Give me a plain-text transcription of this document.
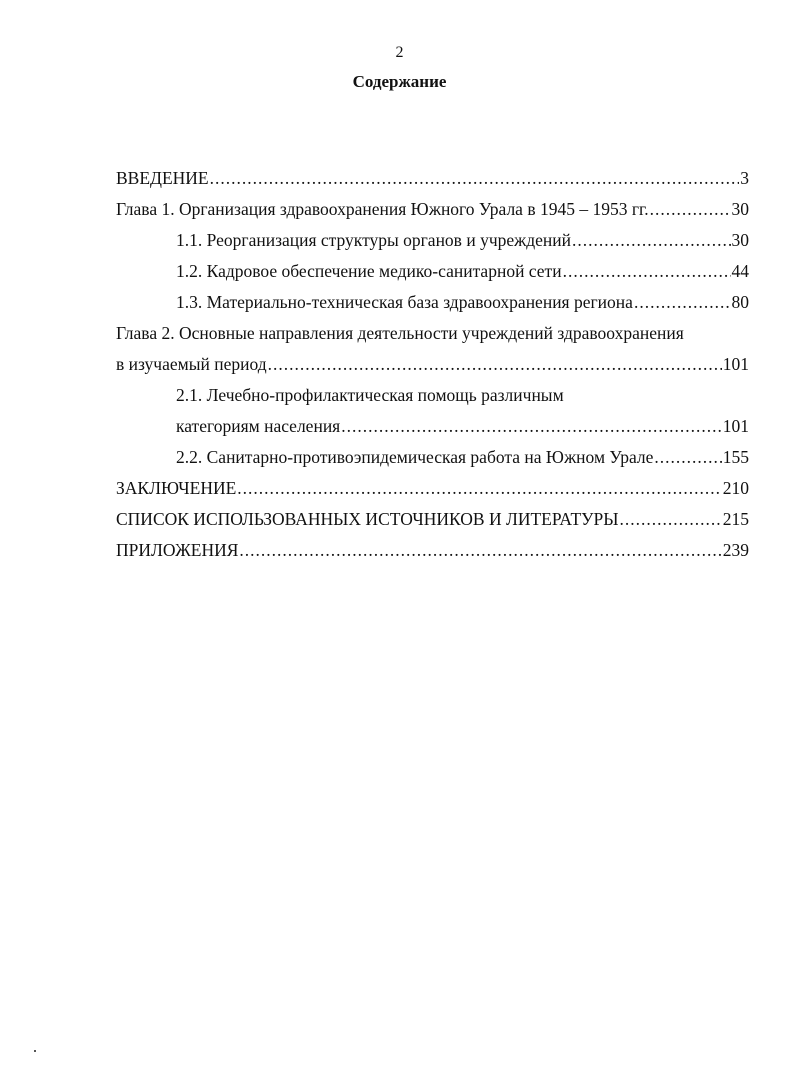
2
Содержание
ВВЕДЕНИЕ .....	3
Глава 1. Организация здравоохранения Южного Урала в 1945 – 1953 гг. .....	30
1.1. Реорганизация структуры органов и учреждений .....	30
1.2. Кадровое обеспечение медико-санитарной сети .....	44
1.3. Материально-техническая база здравоохранения региона .....	80
Глава 2. Основные направления деятельности учреждений здравоохранения
в изучаемый период .....	101
2.1. Лечебно-профилактическая помощь различным
категориям населения .....	101
2.2. Санитарно-противоэпидемическая работа на Южном Урале .....	155
ЗАКЛЮЧЕНИЕ .....	210
СПИСОК ИСПОЛЬЗОВАННЫХ ИСТОЧНИКОВ И ЛИТЕРАТУРЫ .....	215
ПРИЛОЖЕНИЯ .....	239
